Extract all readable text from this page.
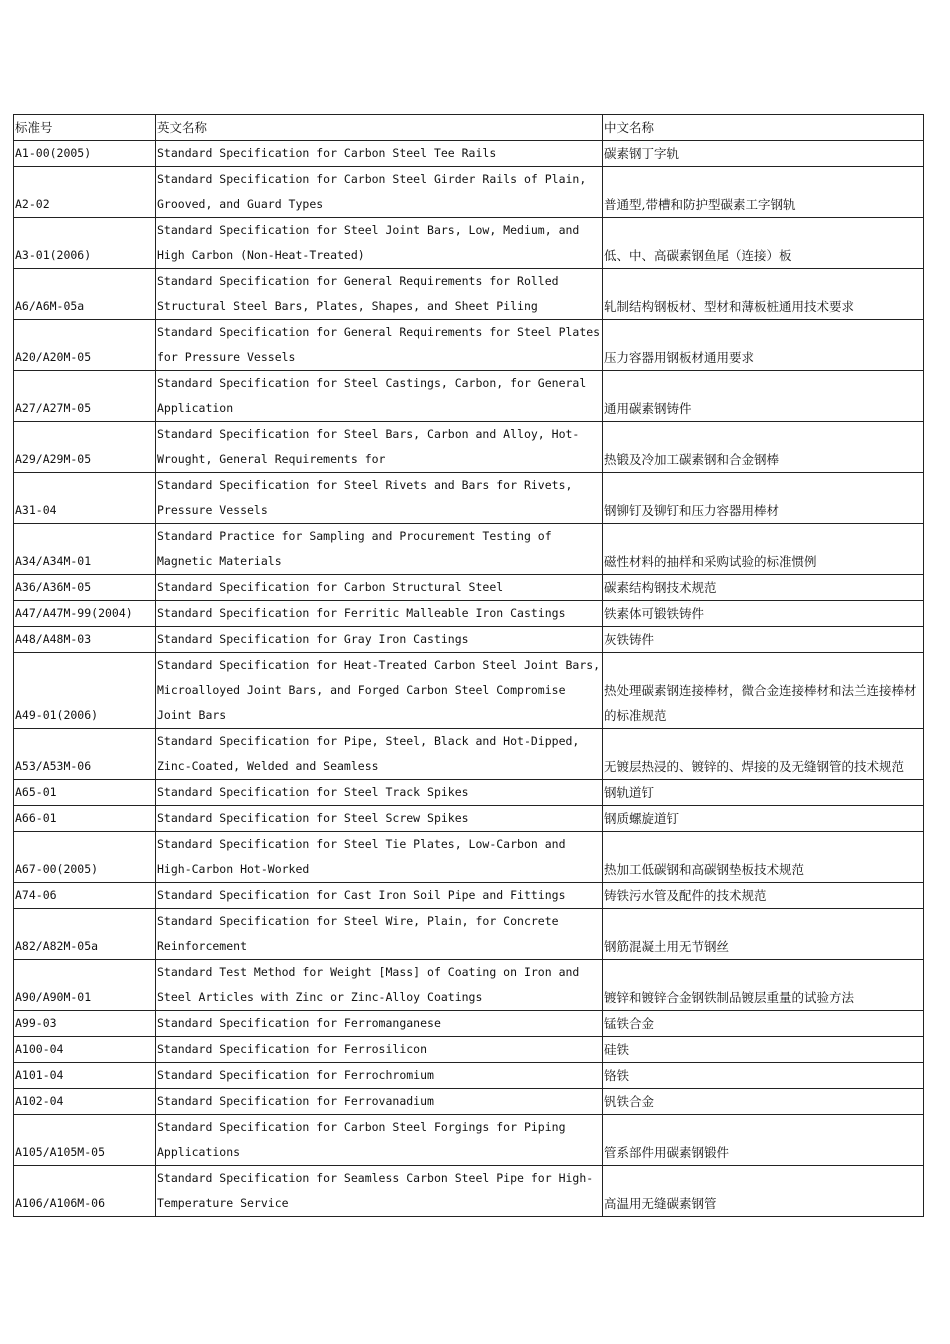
标准号	英文名称	中文名称
A1-00(2005)	Standard Specification for Carbon Steel Tee Rails	碳素钢丁字轨
A2-02	Standard Specification for Carbon Steel Girder Rails of Plain, Grooved, and Guard Types	普通型,带槽和防护型碳素工字钢轨
A3-01(2006)	Standard Specification for Steel Joint Bars, Low, Medium, and High Carbon (Non-Heat-Treated)	低、中、高碳素钢鱼尾（连接）板
A6/A6M-05a	Standard Specification for General Requirements for Rolled Structural Steel Bars, Plates, Shapes, and Sheet Piling	轧制结构钢板材、型材和薄板桩通用技术要求
A20/A20M-05	Standard Specification for General Requirements for Steel Plates for Pressure Vessels	压力容器用钢板材通用要求
A27/A27M-05	Standard Specification for Steel Castings, Carbon, for General Application	通用碳素钢铸件
A29/A29M-05	Standard Specification for Steel Bars, Carbon and Alloy, Hot-Wrought, General Requirements for	热锻及冷加工碳素钢和合金钢棒
A31-04	Standard Specification for Steel Rivets and Bars for Rivets, Pressure Vessels	钢铆钉及铆钉和压力容器用棒材
A34/A34M-01	Standard Practice for Sampling and Procurement Testing of Magnetic Materials	磁性材料的抽样和采购试验的标准惯例
A36/A36M-05	Standard Specification for Carbon Structural Steel	碳素结构钢技术规范
A47/A47M-99(2004)	Standard Specification for Ferritic Malleable Iron Castings	铁素体可锻铁铸件
A48/A48M-03	Standard Specification for Gray Iron Castings	灰铁铸件
A49-01(2006)	Standard Specification for Heat-Treated Carbon Steel Joint Bars, Microalloyed Joint Bars, and Forged Carbon Steel Compromise Joint Bars	热处理碳素钢连接棒材，微合金连接棒材和法兰连接棒材的标准规范
A53/A53M-06	Standard Specification for Pipe, Steel, Black and Hot-Dipped, Zinc-Coated, Welded and Seamless	无镀层热浸的、镀锌的、焊接的及无缝钢管的技术规范
A65-01	Standard Specification for Steel Track Spikes	钢轨道钉
A66-01	Standard Specification for Steel Screw Spikes	钢质螺旋道钉
A67-00(2005)	Standard Specification for Steel Tie Plates, Low-Carbon and High-Carbon Hot-Worked	热加工低碳钢和高碳钢垫板技术规范
A74-06	Standard Specification for Cast Iron Soil Pipe and Fittings	铸铁污水管及配件的技术规范
A82/A82M-05a	Standard Specification for Steel Wire, Plain, for Concrete Reinforcement	钢筋混凝土用无节钢丝
A90/A90M-01	Standard Test Method for Weight [Mass] of Coating on Iron and Steel Articles with Zinc or Zinc-Alloy Coatings	镀锌和镀锌合金钢铁制品镀层重量的试验方法
A99-03	Standard Specification for Ferromanganese	锰铁合金
A100-04	Standard Specification for Ferrosilicon	硅铁
A101-04	Standard Specification for Ferrochromium	铬铁
A102-04	Standard Specification for Ferrovanadium	钒铁合金
A105/A105M-05	Standard Specification for Carbon Steel Forgings for Piping Applications	管系部件用碳素钢锻件
A106/A106M-06	Standard Specification for Seamless Carbon Steel Pipe for High-Temperature Service	高温用无缝碳素钢管
